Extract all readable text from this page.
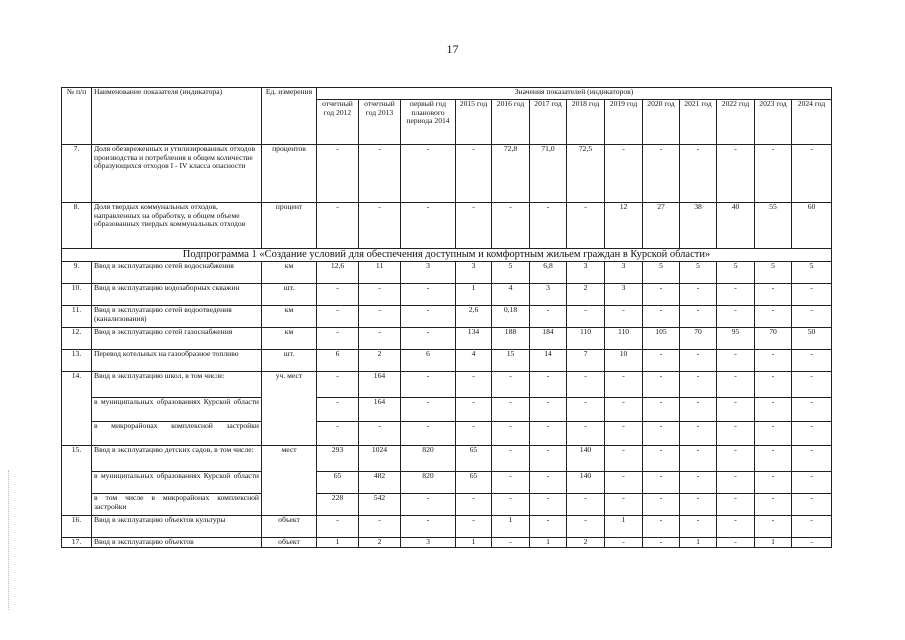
17
№ п/п	Наименование показателя (индикатора)	Ед. измерения	Значения показателей (индикаторов)												
			отчетный год 2012	отчетный год 2013	первый год планового периода 2014	2015 год	2016 год	2017 год	2018 год	2019 год	2020 год	2021 год	2022 год	2023 год	2024 год
7.	Доля обезвреженных и утилизированных отходов производства и потребления в общем количестве образующихся отходов I - IV класса опасности	процентов	-	-	-	-	72,8	71,0	72,5	-	-	-	-	-	-
8.	Доля твердых коммунальных отходов, направленных на обработку, в общем объеме образованных твердых коммунальных отходов	процент	-	-	-	-	-	-	-	12	27	38	40	55	60
Подпрограмма 1 «Создание условий для обеспечения доступным и комфортным жильем граждан в Курской области»															
9.	Ввод в эксплуатацию сетей водоснабжения	км	12,6	11	3	3	5	6,8	3	3	5	5	5	5	5
10.	Ввод в эксплуатацию водозаборных скважин	шт.	-	-	-	1	4	3	2	3	-	-	-	-	-
11.	Ввод в эксплуатацию сетей водоотведения (канализования)	км	-	-	-	2,6	0,18	-	-	-	-	-	-	-	-
12.	Ввод в эксплуатацию сетей газоснабжения	км	-	-	-	134	188	184	110	110	105	70	95	70	50
13.	Перевод котельных на газообразное топливо	шт.	6	2	6	4	15	14	7	10	-	-	-	-	-
14.	Ввод в эксплуатацию школ, в том числе:	уч. мест	-	164	-	-	-	-	-	-	-	-	-	-	-
	в муниципальных образованиях Курской области		-	164	-	-	-	-	-	-	-	-	-	-	-
	в микрорайонах комплексной застройки		-	-	-	-	-	-	-	-	-	-	-	-	-
15.	Ввод в эксплуатацию детских садов, в том числе:	мест	293	1024	820	65	-	-	140	-	-	-	-	-	-
	в муниципальных образованиях Курской области		65	482	820	65	-	-	140	-	-	-	-	-	-
	в том числе в микрорайонах комплексной застройки		228	542	-	-	-	-	-	-	-	-	-	-	-
16.	Ввод в эксплуатацию объектов культуры	объект	-	-	-	-	1	-	-	1	-	-	-	-	-
17.	Ввод в эксплуатацию объектов	объект	1	2	3	1	-	1	2	-	-	1	-	1	-
